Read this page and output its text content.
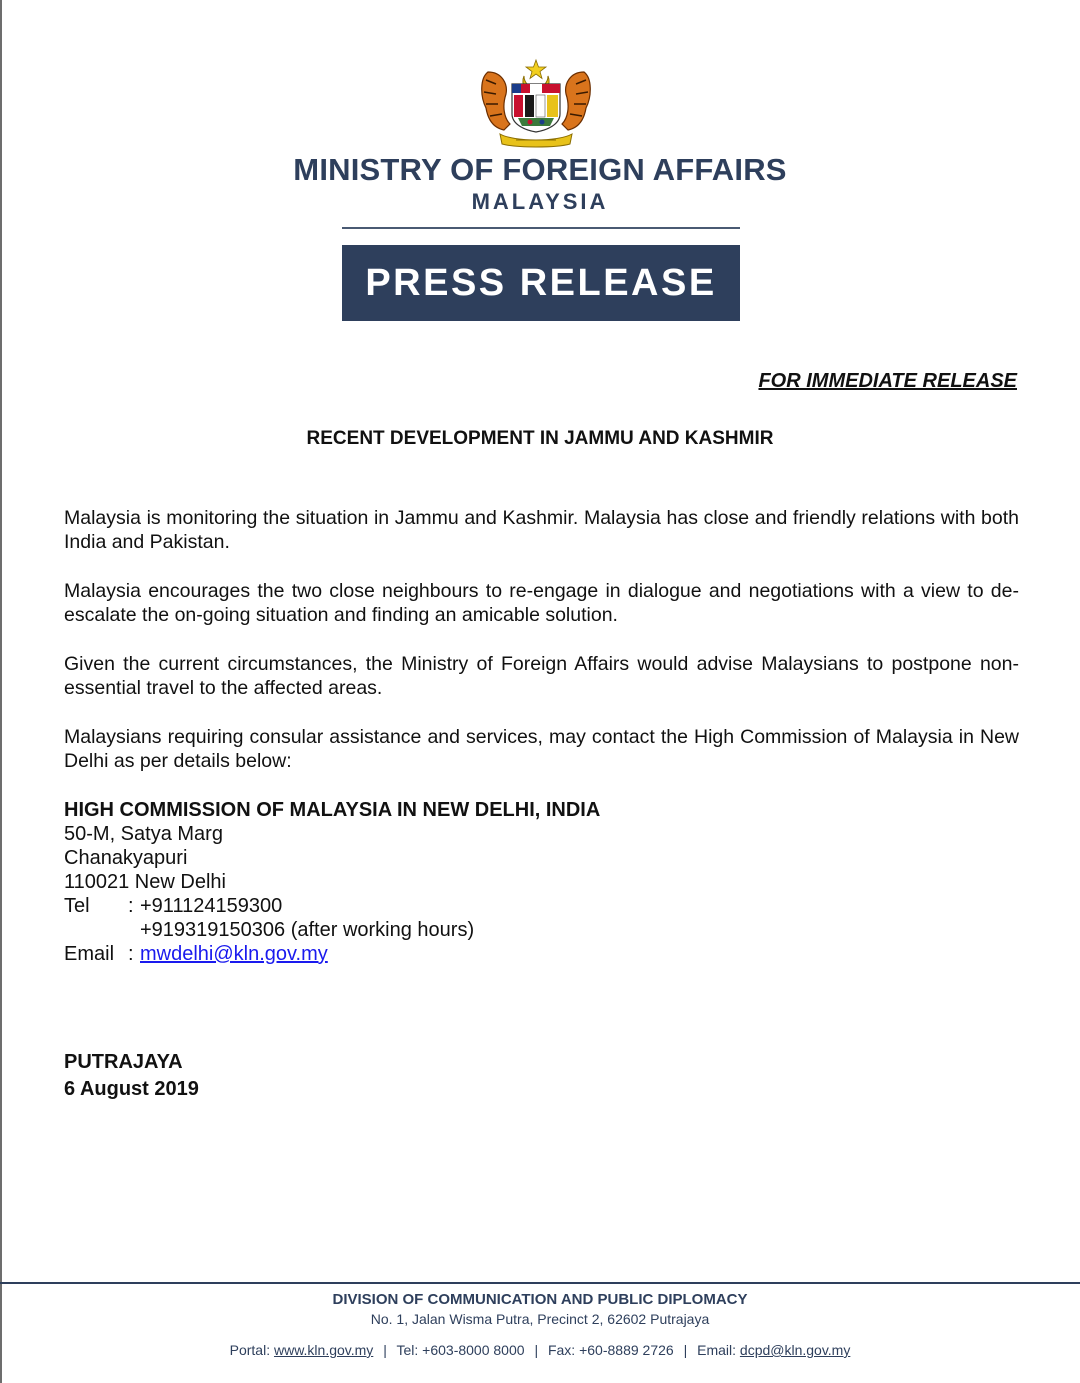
MINISTRY OF FOREIGN AFFAIRS
MALAYSIA
PRESS RELEASE
FOR IMMEDIATE RELEASE
RECENT DEVELOPMENT IN JAMMU AND KASHMIR

Malaysia is monitoring the situation in Jammu and Kashmir. Malaysia has close and friendly relations with both India and Pakistan.

Malaysia encourages the two close neighbours to re-engage in dialogue and negotiations with a view to de-escalate the on-going situation and finding an amicable solution.

Given the current circumstances, the Ministry of Foreign Affairs would advise Malaysians to postpone non-essential travel to the affected areas.

Malaysians requiring consular assistance and services, may contact the High Commission of Malaysia in New Delhi as per details below:

HIGH COMMISSION OF MALAYSIA IN NEW DELHI, INDIA
50-M, Satya Marg
Chanakyapuri
110021 New Delhi
Tel	: +911124159300
+919319150306 (after working hours)
Email : mwdelhi@kln.gov.my
PUTRAJAYA
6 August 2019
DIVISION OF COMMUNICATION AND PUBLIC DIPLOMACY
No. 1, Jalan Wisma Putra, Precinct 2, 62602 Putrajaya
Portal: www.kln.gov.my | Tel: +603-8000 8000 | Fax: +60-8889 2726 | Email: dcpd@kln.gov.my
